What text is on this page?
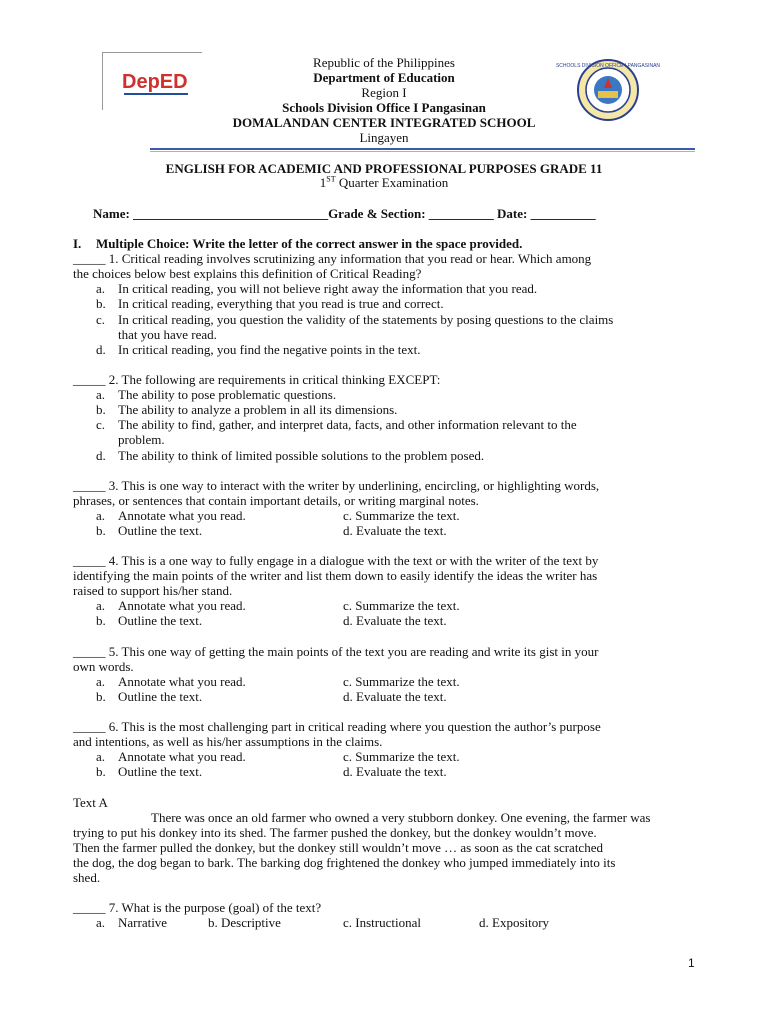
DepED
SCHOOLS DIVISION OFFICE I PANGASINAN
Republic of the Philippines
Department of Education
Region I
Schools Division Office I Pangasinan
DOMALANDAN CENTER INTEGRATED SCHOOL
Lingayen
ENGLISH FOR ACADEMIC AND PROFESSIONAL PURPOSES GRADE 11
1ST Quarter Examination
Name: ______________________________Grade & Section: __________ Date: __________
I. Multiple Choice: Write the letter of the correct answer in the space provided.
_____ 1. Critical reading involves scrutinizing any information that you read or hear. Which among
the choices below best explains this definition of Critical Reading?
a. In critical reading, you will not believe right away the information that you read.
b. In critical reading, everything that you read is true and correct.
c. In critical reading, you question the validity of the statements by posing questions to the claims
that you have read.
d. In critical reading, you find the negative points in the text.
_____ 2. The following are requirements in critical thinking EXCEPT:
a. The ability to pose problematic questions.
b. The ability to analyze a problem in all its dimensions.
c. The ability to find, gather, and interpret data, facts, and other information relevant to the
problem.
d. The ability to think of limited possible solutions to the problem posed.
_____ 3. This is one way to interact with the writer by underlining, encircling, or highlighting words,
phrases, or sentences that contain important details, or writing marginal notes.
a. Annotate what you read.	c. Summarize the text.
b. Outline the text.	d. Evaluate the text.
_____ 4. This is a one way to fully engage in a dialogue with the text or with the writer of the text by
identifying the main points of the writer and list them down to easily identify the ideas the writer has
raised to support his/her stand.
a. Annotate what you read.	c. Summarize the text.
b. Outline the text.	d. Evaluate the text.
_____ 5. This one way of getting the main points of the text you are reading and write its gist in your
own words.
a. Annotate what you read.	c. Summarize the text.
b. Outline the text.	d. Evaluate the text.
_____ 6. This is the most challenging part in critical reading where you question the author’s purpose
and intentions, as well as his/her assumptions in the claims.
a. Annotate what you read.	c. Summarize the text.
b. Outline the text.	d. Evaluate the text.
Text A
There was once an old farmer who owned a very stubborn donkey. One evening, the farmer was
trying to put his donkey into its shed. The farmer pushed the donkey, but the donkey wouldn’t move.
Then the farmer pulled the donkey, but the donkey still wouldn’t move … as soon as the cat scratched
the dog, the dog began to bark. The barking dog frightened the donkey who jumped immediately into its
shed.
_____ 7. What is the purpose (goal) of the text?
a. Narrative	b. Descriptive	c. Instructional	d. Expository
1
